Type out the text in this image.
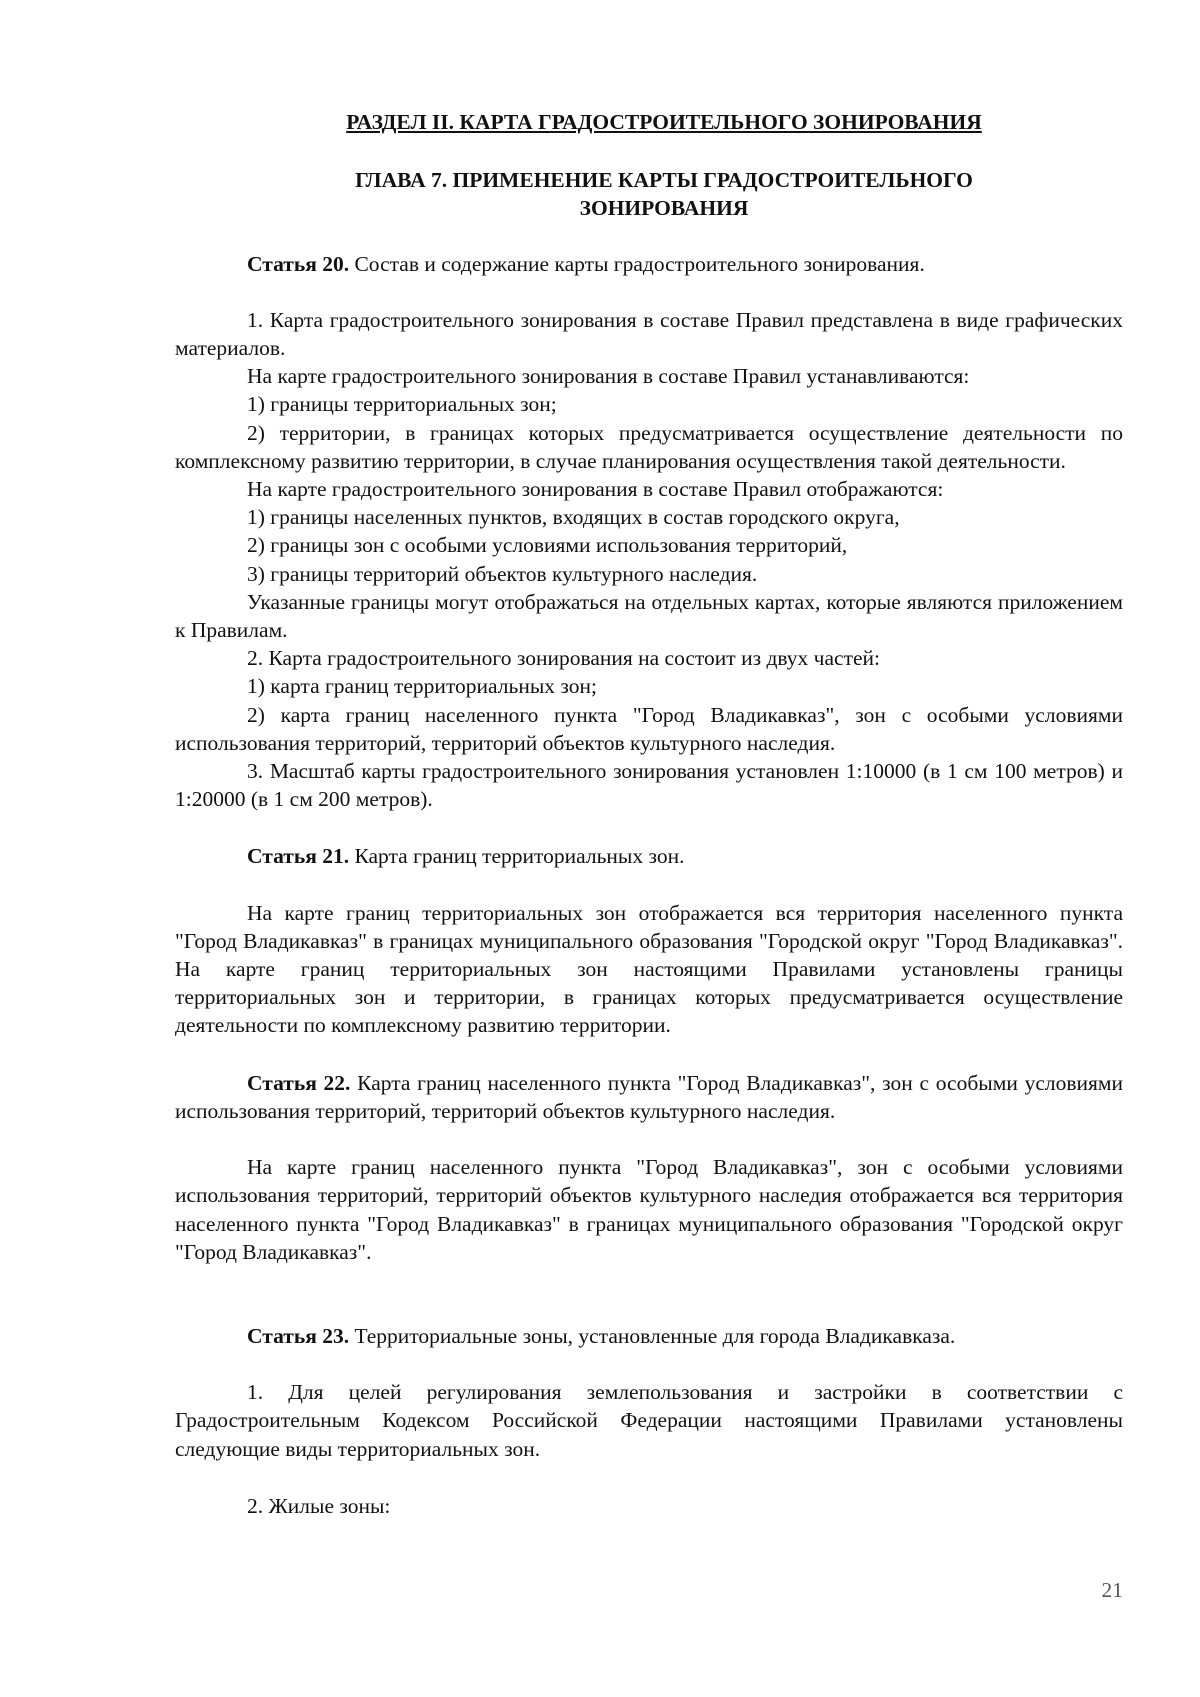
РАЗДЕЛ II. КАРТА ГРАДОСТРОИТЕЛЬНОГО ЗОНИРОВАНИЯ
ГЛАВА 7. ПРИМЕНЕНИЕ КАРТЫ ГРАДОСТРОИТЕЛЬНОГО
ЗОНИРОВАНИЯ

Статья 20. Состав и содержание карты градостроительного зонирования.

1. Карта градостроительного зонирования в составе Правил представлена в виде графических материалов.

На карте градостроительного зонирования в составе Правил устанавливаются:

1) границы территориальных зон;

2) территории, в границах которых предусматривается осуществление деятельности по комплексному развитию территории, в случае планирования осуществления такой деятельности.

На карте градостроительного зонирования в составе Правил отображаются:

1) границы населенных пунктов, входящих в состав городского округа,

2) границы зон с особыми условиями использования территорий,

3) границы территорий объектов культурного наследия.

Указанные границы могут отображаться на отдельных картах, которые являются приложением к Правилам.

2. Карта градостроительного зонирования на состоит из двух частей:

1) карта границ территориальных зон;

2) карта границ населенного пункта "Город Владикавказ", зон с особыми условиями использования территорий, территорий объектов культурного наследия.

3. Масштаб карты градостроительного зонирования установлен 1:10000 (в 1 см 100 метров) и 1:20000 (в 1 см 200 метров).

Статья 21. Карта границ территориальных зон.

На карте границ территориальных зон отображается вся территория населенного пункта "Город Владикавказ" в границах муниципального образования "Городской округ "Город Владикавказ". На карте границ территориальных зон настоящими Правилами установлены границы территориальных зон и территории, в границах которых предусматривается осуществление деятельности по комплексному развитию территории.

Статья 22. Карта границ населенного пункта "Город Владикавказ", зон с особыми условиями использования территорий, территорий объектов культурного наследия.

На карте границ населенного пункта "Город Владикавказ", зон с особыми условиями использования территорий, территорий объектов культурного наследия отображается вся территория населенного пункта "Город Владикавказ" в границах муниципального образования "Городской округ "Город Владикавказ".

Статья 23. Территориальные зоны, установленные для города Владикавказа.

1. Для целей регулирования землепользования и застройки в соответствии с Градостроительным Кодексом Российской Федерации настоящими Правилами установлены следующие виды территориальных зон.

2. Жилые зоны:

21
